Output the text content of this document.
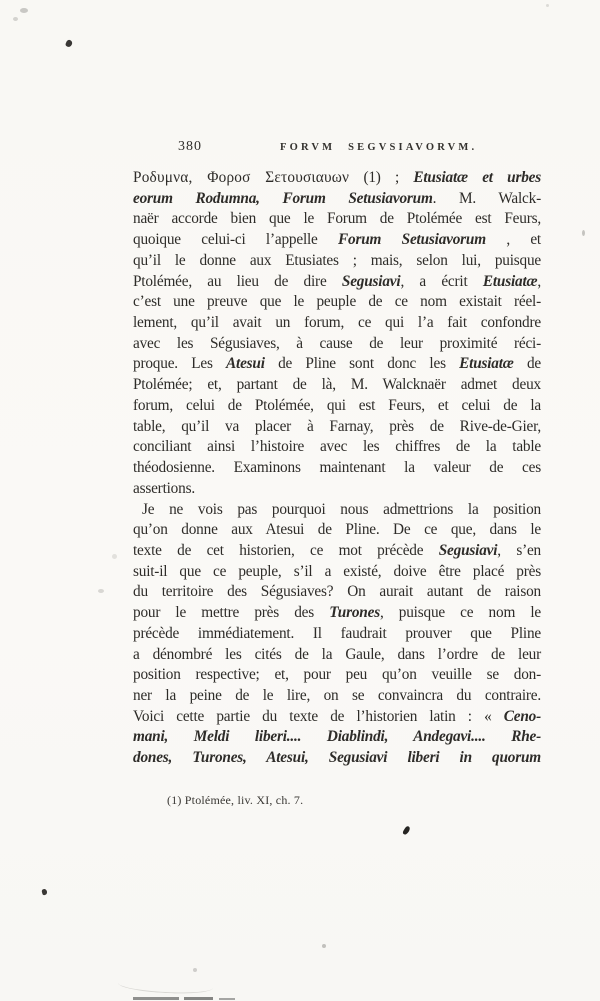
380	FORVM SEGVSIAVORVM.
Ροδυμνα, Φοροσ Σετουσιαυων (1) ; Etusiatæ et urbes
eorum Rodumna, Forum Setusiavorum. M. Walck-
naër accorde bien que le Forum de Ptolémée est Feurs,
quoique celui-ci l’appelle Forum Setusiavorum , et
qu’il le donne aux Etusiates ; mais, selon lui, puisque
Ptolémée, au lieu de dire Segusiavi, a écrit Etusiatæ,
c’est une preuve que le peuple de ce nom existait réel-
lement, qu’il avait un forum, ce qui l’a fait confondre
avec les Ségusiaves, à cause de leur proximité réci-
proque. Les Atesui de Pline sont donc les Etusiatæ de
Ptolémée; et, partant de là, M. Walcknaër admet deux
forum, celui de Ptolémée, qui est Feurs, et celui de la
table, qu’il va placer à Farnay, près de Rive-de-Gier,
conciliant ainsi l’histoire avec les chiffres de la table
théodosienne. Examinons maintenant la valeur de ces
assertions.
Je ne vois pas pourquoi nous admettrions la position
qu’on donne aux Atesui de Pline. De ce que, dans le
texte de cet historien, ce mot précède Segusiavi, s’en
suit-il que ce peuple, s’il a existé, doive être placé près
du territoire des Ségusiaves? On aurait autant de raison
pour le mettre près des Turones, puisque ce nom le
précède immédiatement. Il faudrait prouver que Pline
a dénombré les cités de la Gaule, dans l’ordre de leur
position respective; et, pour peu qu’on veuille se don-
ner la peine de le lire, on se convaincra du contraire.
Voici cette partie du texte de l’historien latin : « Ceno-
mani, Meldi liberi.... Diablindi, Andegavi.... Rhe-
dones, Turones, Atesui, Segusiavi liberi in quorum
(1) Ptolémée, liv. XI, ch. 7.
